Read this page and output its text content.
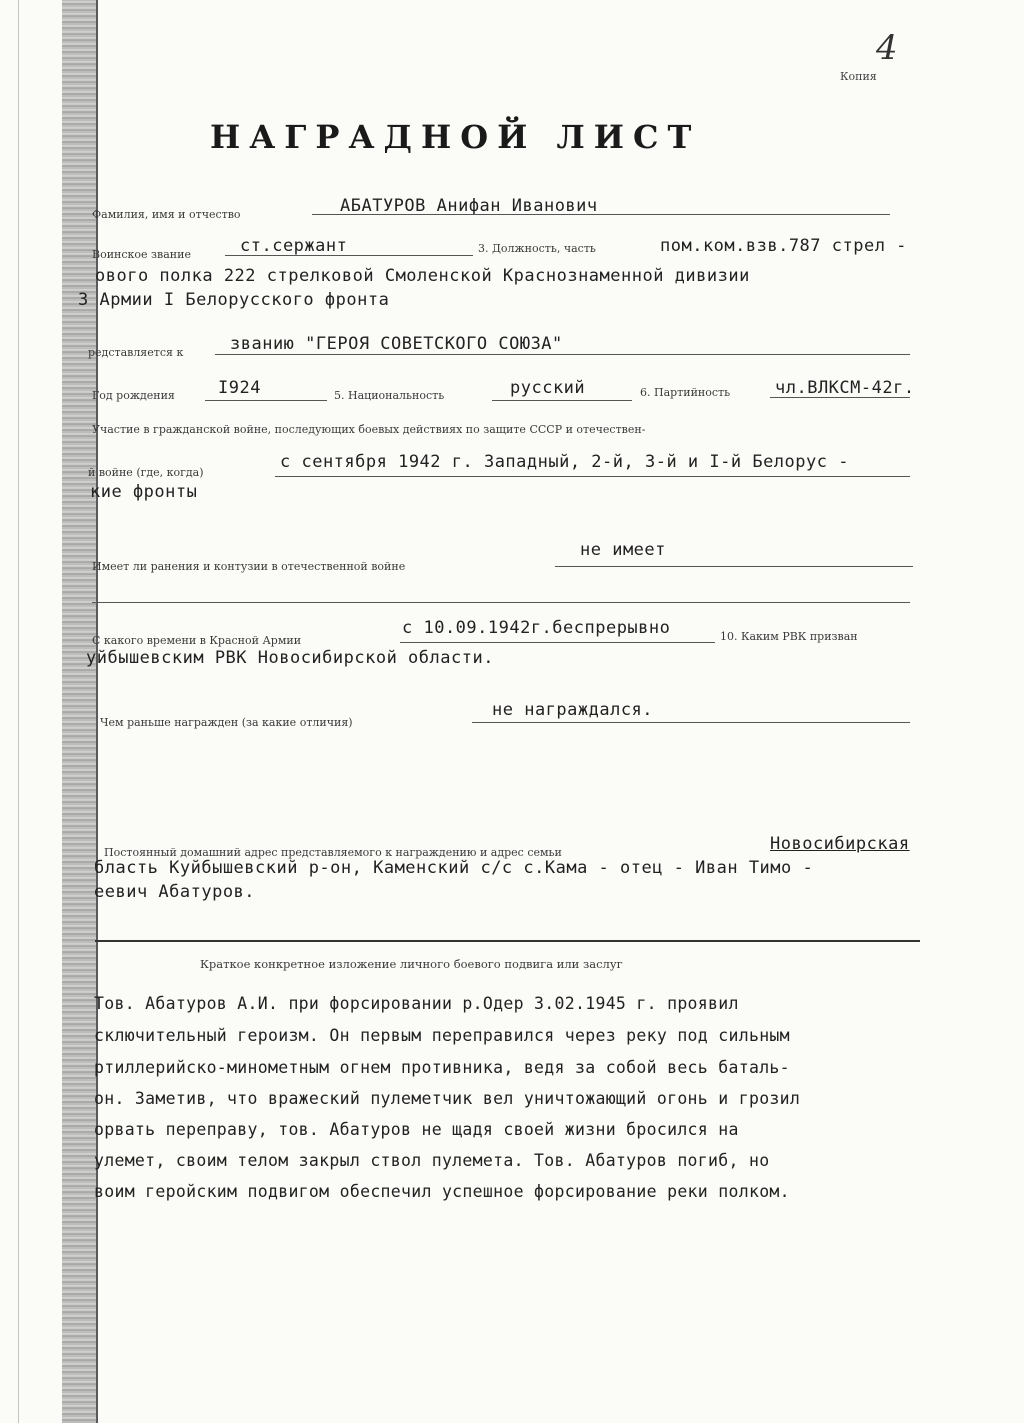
4
Копия
НАГРАДНОЙ ЛИСТ
Фамилия, имя и отчество	АБАТУРОВ Анифан Иванович
Воинское звание	ст.сержант	3. Должность, часть	пом.ком.взв.787 стрел -
ового полка 222 стрелковой Смоленской Краснознаменной дивизии
3 Армии I Белорусского фронта
редставляется к	званию "ГЕРОЯ СОВЕТСКОГО СОЮЗА"
Год рождения	I924	5. Национальность	русский	6. Партийность	чл.ВЛКСМ-42г.
Участие в гражданской войне, последующих боевых действиях по защите СССР и отечествен-
й войне (где, когда)
с сентября 1942 г. Западный, 2-й, 3-й и I-й Белорус -
кие фронты
Имеет ли ранения и контузии в отечественной войне
не имеет
С какого времени в Красной Армии
с 10.09.1942г.беспрерывно	10. Каким РВК призван
уйбышевским РВК Новосибирской области.
Чем раньше награжден (за какие отличия)
не награждался.
Постоянный домашний адрес представляемого к награждению и адрес семьи	Новосибирская
бласть Куйбышевский р-он, Каменский с/с с.Кама - отец - Иван Тимо -
еевич Абатуров.
Краткое конкретное изложение личного боевого подвига или заслуг
Тов. Абатуров А.И. при форсировании р.Одер 3.02.1945 г. проявил
сключительный героизм. Он первым переправился через реку под сильным
ртиллерийско-минометным огнем противника, ведя за собой весь баталь-
он. Заметив, что вражеский пулеметчик вел уничтожающий огонь и грозил
орвать переправу, тов. Абатуров не щадя своей жизни бросился на
улемет, своим телом закрыл ствол пулемета. Тов. Абатуров погиб, но
воим геройским подвигом обеспечил успешное форсирование реки полком.
